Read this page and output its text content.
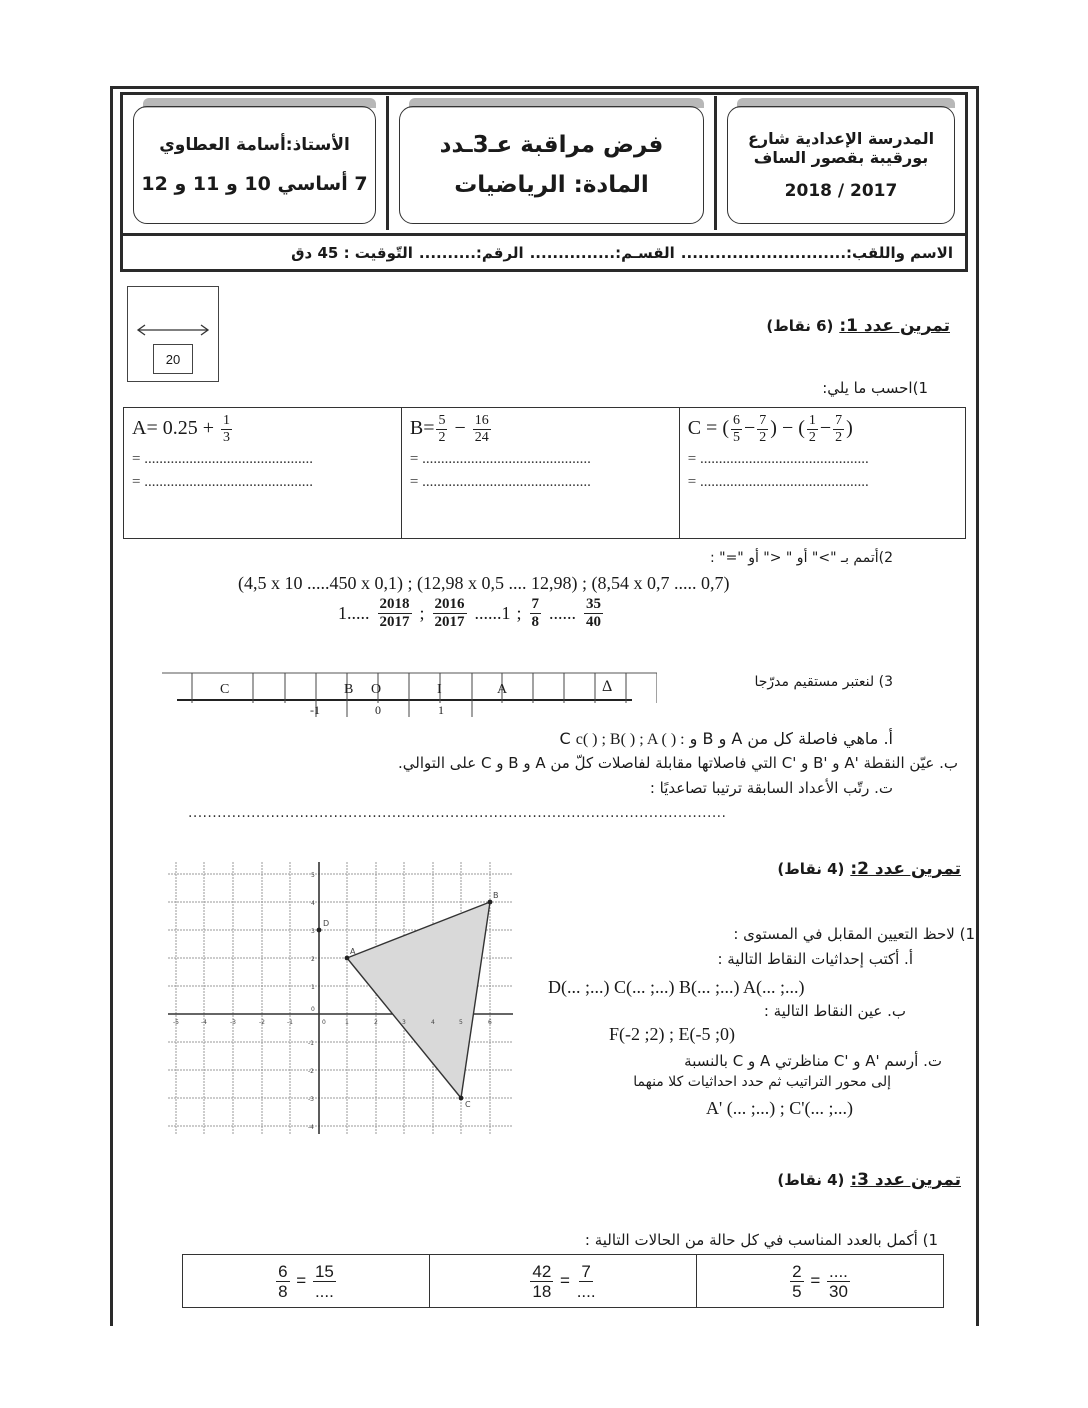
الأستاذ:أسامة العطاوي
7 أساسي 10 و 11 و 12
فرض مراقبة عـ3ـدد
المادة: الرياضيات
المدرسة الإعدادية شارع
بورقيبة بقصور الساف
2018 / 2017
الاسم واللقب:.............................
القسـم:...............
الرقم:..........
التّوقيت : 45 دق
20
تمرين عدد 1: (6 نقاط)
1)احسب ما يلي:
$A= 0.25 + \frac{1}{3}$
= .............................................
= .............................................

$B= \frac{5}{2} - \frac{16}{24}$
= .............................................
= .............................................

C = ( $\frac{6}{5} - \frac{7}{2}$ ) − ( $\frac{1}{2} - \frac{7}{2}$ )
= .............................................
= .............................................
2)أتمم بـ ">" أو " <" أو "=" :
(4,5 x 10 .....450 x 0,1) ; (12,98 x 0,5 .... 12,98) ; (8,54 x 0,7 ..... 0,7)
1..... $\frac{2018}{2017}$ ; $\frac{2016}{2017} ......1$ ; $\frac{7}{8}$ ...... $\frac{35}{40}$
3) لنعتبر مستقيم مدرّجا
C	B O	I	A	Δ
-1	0	1
أ. ماهي فاصلة كل من A و B و C c( ) ; B( ) ; A ( ) :
ب. عيّن النقطة 'A و 'B و 'C التي فاصلاتها مقابلة لفاصلات كلّ من A و B و C على التوالي.
ت. رتّب الأعداد السابقة ترتيبا تصاعديًا :
...............................................................................................................
تمرين عدد 2: (4 نقاط)
1) لاحظ التعيين المقابل في المستوى :
أ. أكتب إحداثيات النقاط التالية :
D(... ;...) C(... ;...) B(... ;...) A(... ;...)
ب. عين النقاط التالية :
F(-2 ;2) ; E(-5 ;0)
ت. أرسم 'A و 'C مناظرتي A و C بالنسبة
إلى محور التراتيب ثم حدد احداثيات كلا منهما
A' (... ;...) ; C'(... ;...)
A
B
C
D
-5	-4	-3	-2	-1	0	1	2	3	4	5	6
5
4
3
2
1
0
-1
-2
-3
-4
تمرين عدد 3: (4 نقاط)
1) أكمل بالعدد المناسب في كل حالة من الحالات التالية :
$\frac{6}{8} = \frac{15}{....}$	$\frac{42}{18} = \frac{7}{....}$	$\frac{2}{5} = \frac{....}{30}$
